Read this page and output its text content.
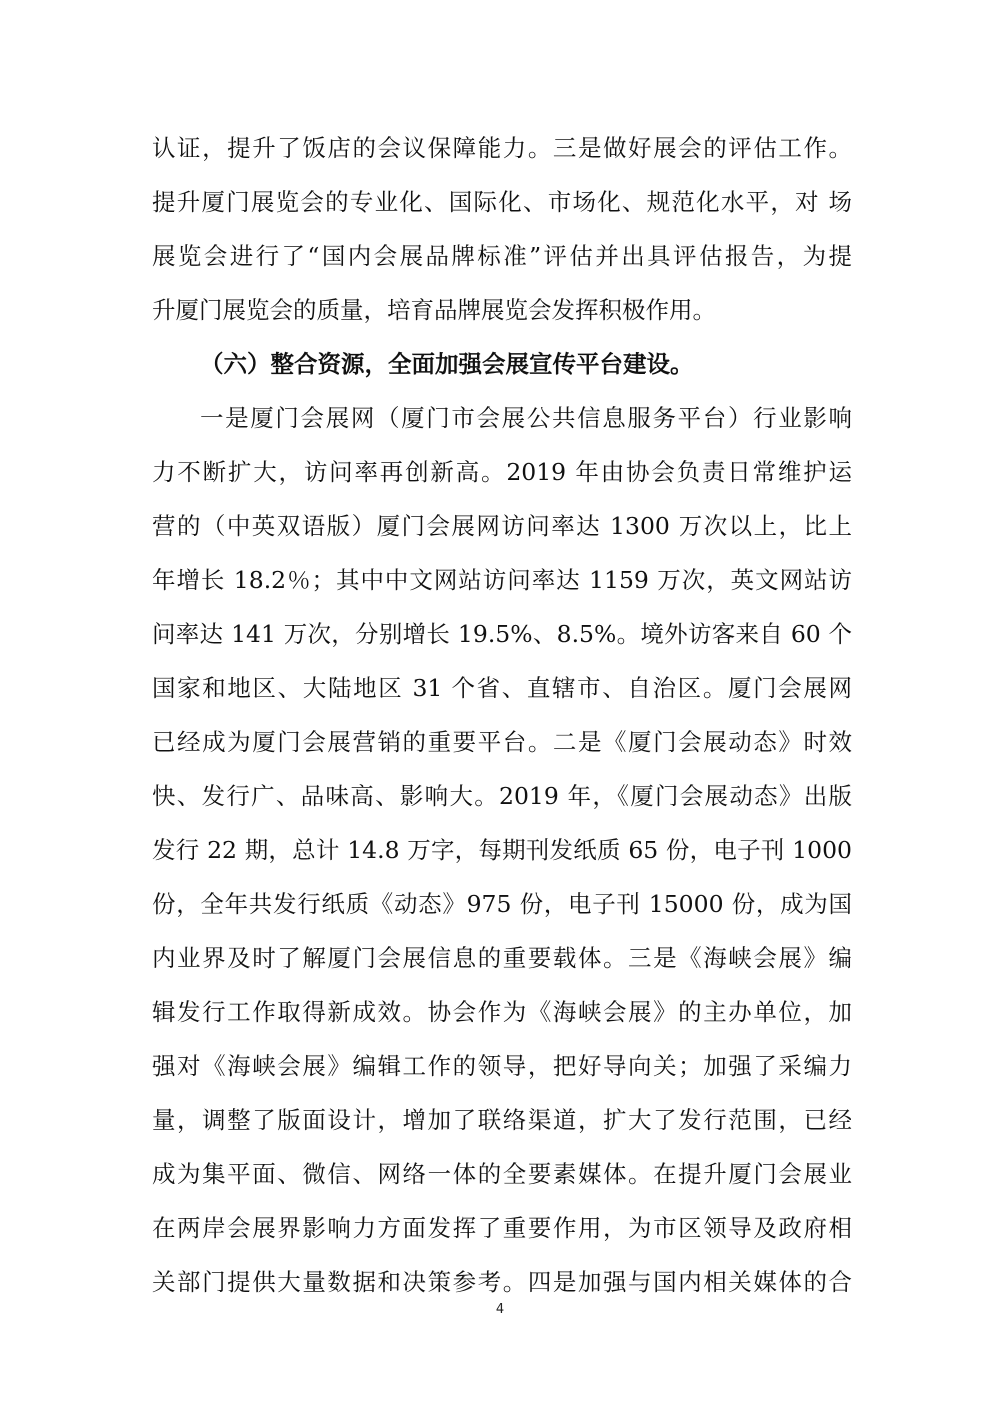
认证，提升了饭店的会议保障能力。三是做好展会的评估工作。
提升厦门展览会的专业化、国际化、市场化、规范化水平，对 场
展览会进行了“国内会展品牌标准”评估并出具评估报告，为提
升厦门展览会的质量，培育品牌展览会发挥积极作用。
（六）整合资源，全面加强会展宣传平台建设。
一是厦门会展网（厦门市会展公共信息服务平台）行业影响
力不断扩大，访问率再创新高。2019 年由协会负责日常维护运
营的（中英双语版）厦门会展网访问率达 1300 万次以上，比上
年增长 18.2％；其中中文网站访问率达 1159 万次，英文网站访
问率达 141 万次，分别增长 19.5%、8.5%。境外访客来自 60 个
国家和地区、大陆地区 31 个省、直辖市、自治区。厦门会展网
已经成为厦门会展营销的重要平台。二是《厦门会展动态》时效
快、发行广、品味高、影响大。2019 年，《厦门会展动态》出版
发行 22 期，总计 14.8 万字，每期刊发纸质 65 份，电子刊 1000
份，全年共发行纸质《动态》975 份，电子刊 15000 份，成为国
内业界及时了解厦门会展信息的重要载体。三是《海峡会展》编
辑发行工作取得新成效。协会作为《海峡会展》的主办单位，加
强对《海峡会展》编辑工作的领导，把好导向关；加强了采编力
量，调整了版面设计，增加了联络渠道，扩大了发行范围，已经
成为集平面、微信、网络一体的全要素媒体。在提升厦门会展业
在两岸会展界影响力方面发挥了重要作用，为市区领导及政府相
关部门提供大量数据和决策参考。四是加强与国内相关媒体的合
4
